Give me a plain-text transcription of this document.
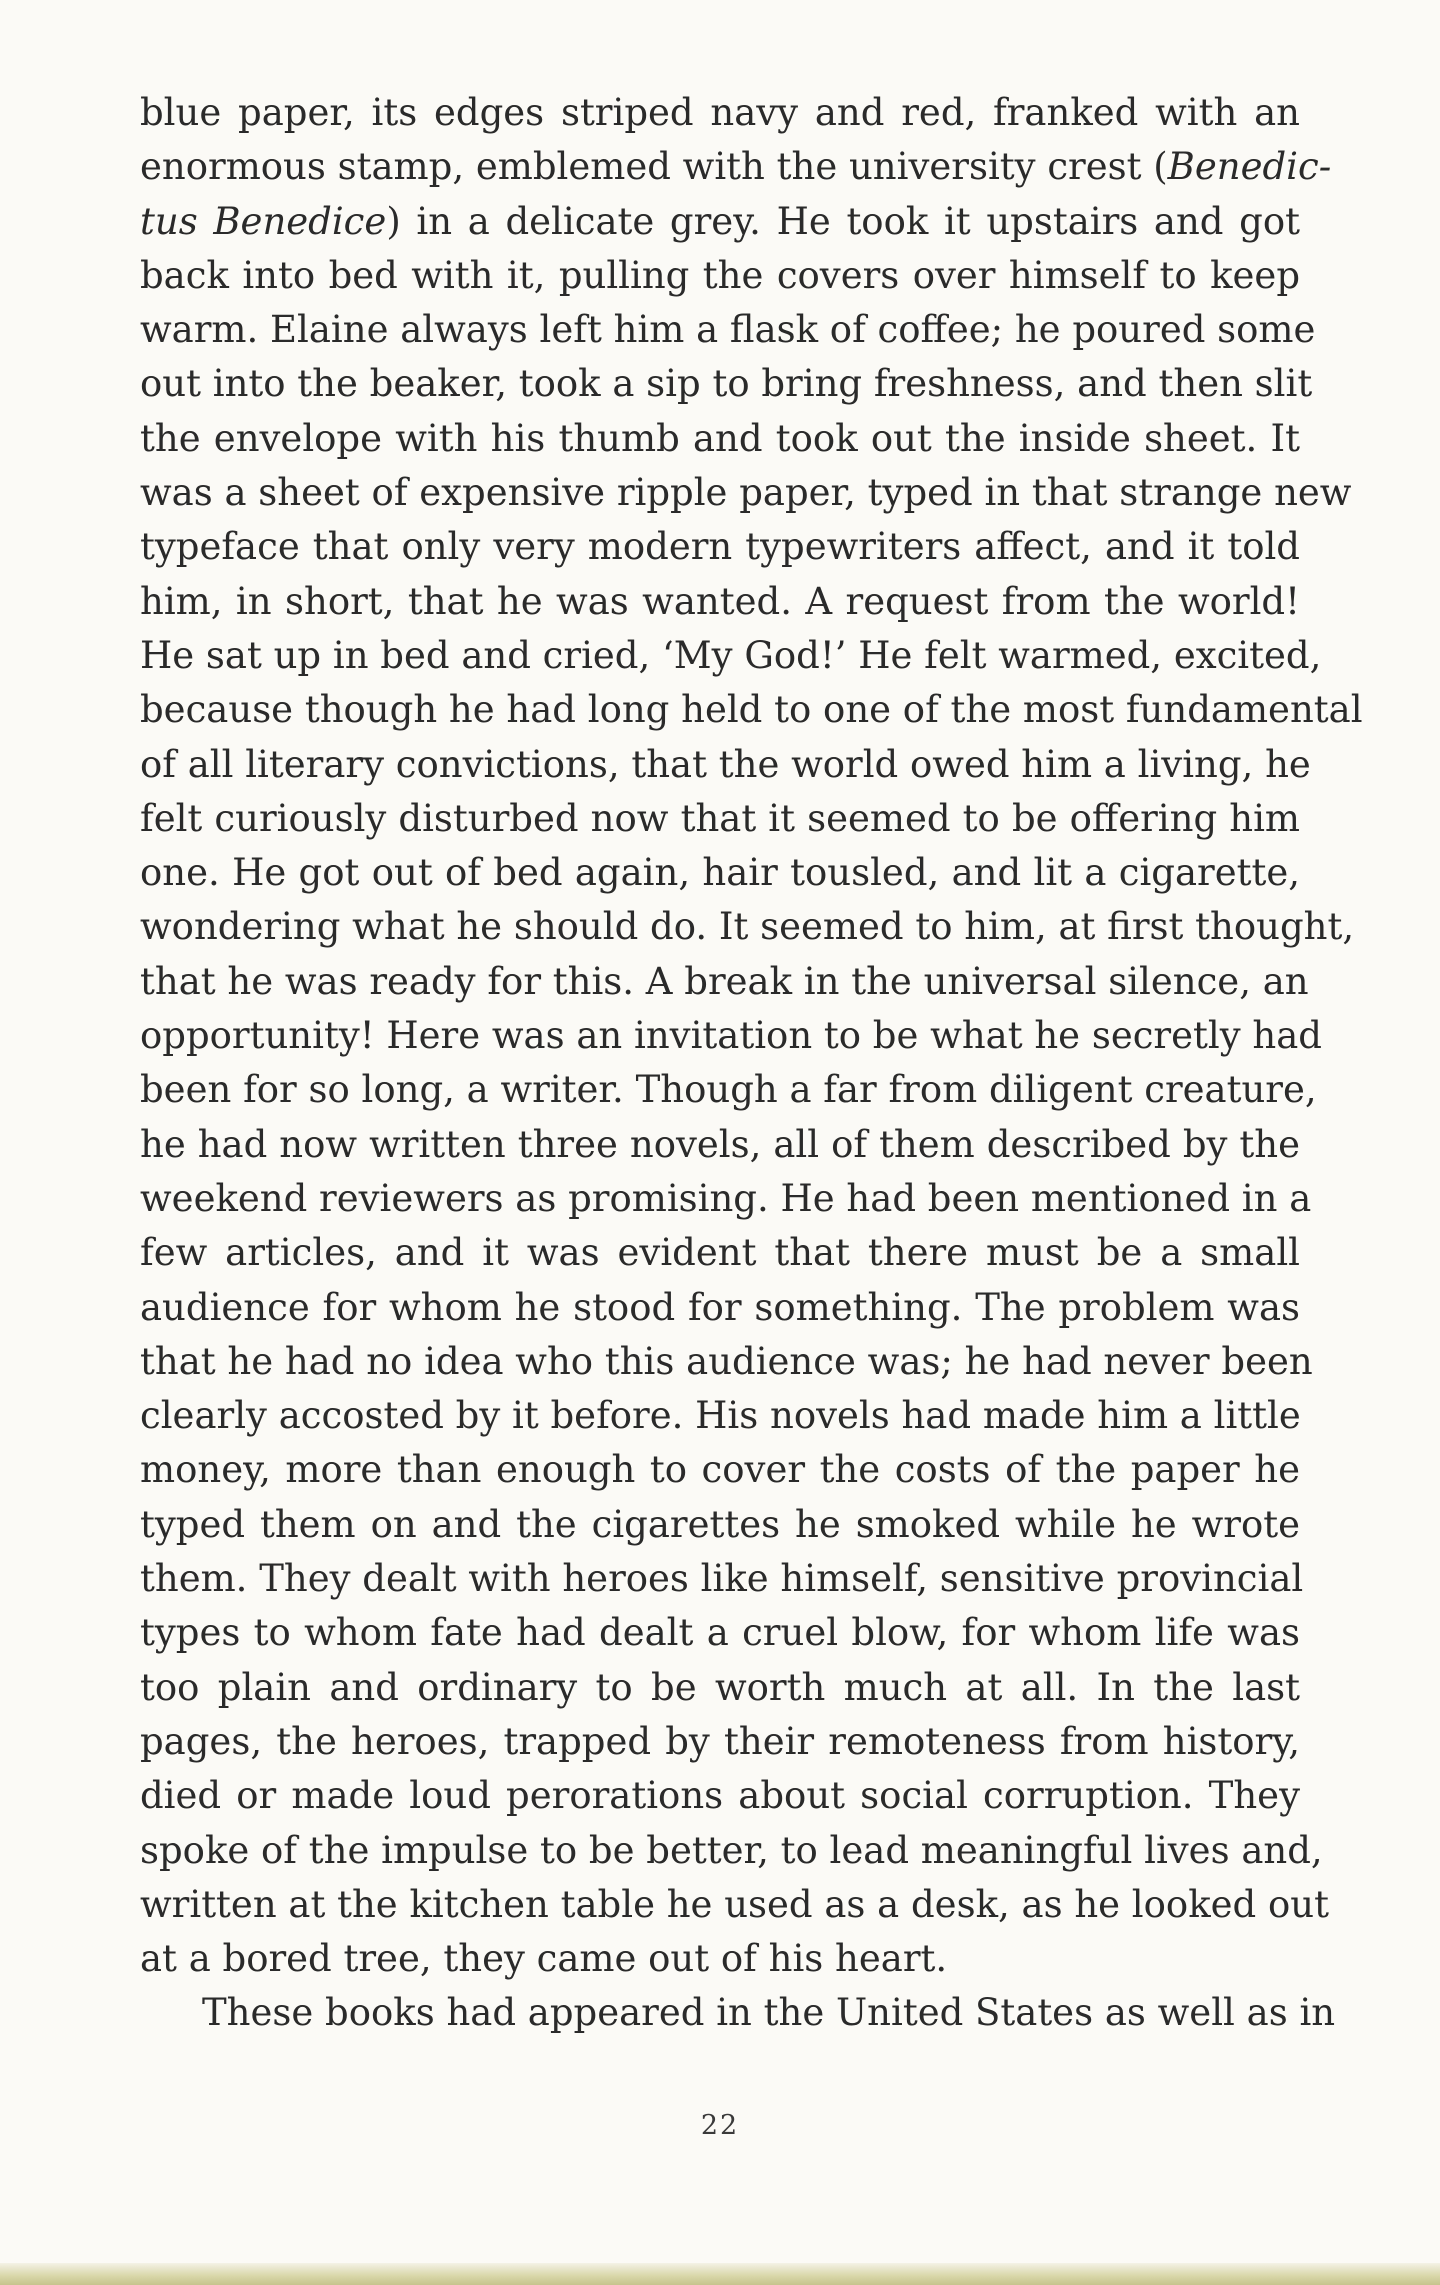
blue paper, its edges striped navy and red, franked with an
enormous stamp, emblemed with the university crest (Benedic-
tus Benedice) in a delicate grey. He took it upstairs and got
back into bed with it, pulling the covers over himself to keep
warm. Elaine always left him a flask of coffee; he poured some
out into the beaker, took a sip to bring freshness, and then slit
the envelope with his thumb and took out the inside sheet. It
was a sheet of expensive ripple paper, typed in that strange new
typeface that only very modern typewriters affect, and it told
him, in short, that he was wanted. A request from the world!
He sat up in bed and cried, ‘My God!’ He felt warmed, excited,
because though he had long held to one of the most fundamental
of all literary convictions, that the world owed him a living, he
felt curiously disturbed now that it seemed to be offering him
one. He got out of bed again, hair tousled, and lit a cigarette,
wondering what he should do. It seemed to him, at first thought,
that he was ready for this. A break in the universal silence, an
opportunity! Here was an invitation to be what he secretly had
been for so long, a writer. Though a far from diligent creature,
he had now written three novels, all of them described by the
weekend reviewers as promising. He had been mentioned in a
few articles, and it was evident that there must be a small
audience for whom he stood for something. The problem was
that he had no idea who this audience was; he had never been
clearly accosted by it before. His novels had made him a little
money, more than enough to cover the costs of the paper he
typed them on and the cigarettes he smoked while he wrote
them. They dealt with heroes like himself, sensitive provincial
types to whom fate had dealt a cruel blow, for whom life was
too plain and ordinary to be worth much at all. In the last
pages, the heroes, trapped by their remoteness from history,
died or made loud perorations about social corruption. They
spoke of the impulse to be better, to lead meaningful lives and,
written at the kitchen table he used as a desk, as he looked out
at a bored tree, they came out of his heart.
These books had appeared in the United States as well as in
22
